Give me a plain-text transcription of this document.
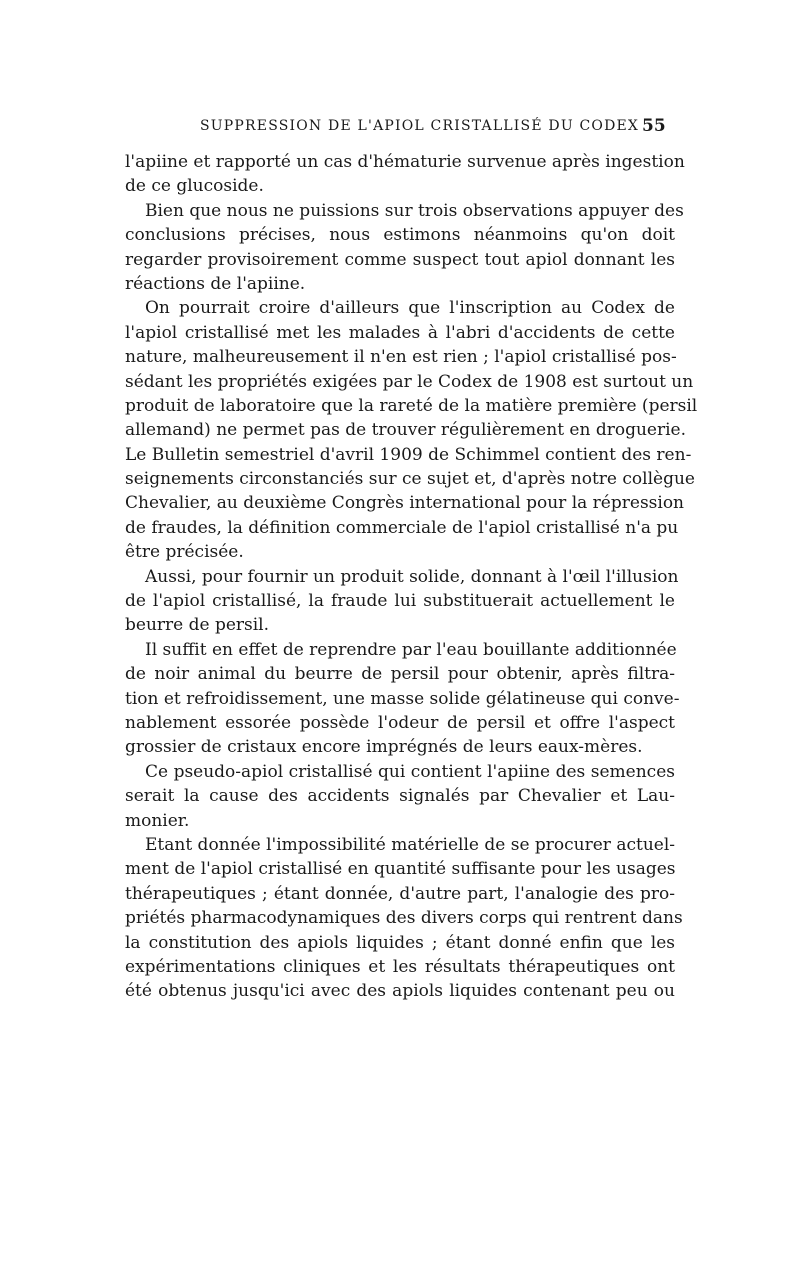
SUPPRESSION DE L'APIOL CRISTALLISÉ DU CODEX 55
l'apiine et rapporté un cas d'hématurie survenue après ingestion
de ce glucoside.
Bien que nous ne puissions sur trois observations appuyer des
conclusions précises, nous estimons néanmoins qu'on doit
regarder provisoirement comme suspect tout apiol donnant les
réactions de l'apiine.
On pourrait croire d'ailleurs que l'inscription au Codex de
l'apiol cristallisé met les malades à l'abri d'accidents de cette
nature, malheureusement il n'en est rien ; l'apiol cristallisé pos-
sédant les propriétés exigées par le Codex de 1908 est surtout un
produit de laboratoire que la rareté de la matière première (persil
allemand) ne permet pas de trouver régulièrement en droguerie.
Le Bulletin semestriel d'avril 1909 de Schimmel contient des ren-
seignements circonstanciés sur ce sujet et, d'après notre collègue
Chevalier, au deuxième Congrès international pour la répression
de fraudes, la définition commerciale de l'apiol cristallisé n'a pu
être précisée.
Aussi, pour fournir un produit solide, donnant à l'œil l'illusion
de l'apiol cristallisé, la fraude lui substituerait actuellement le
beurre de persil.
Il suffit en effet de reprendre par l'eau bouillante additionnée
de noir animal du beurre de persil pour obtenir, après filtra-
tion et refroidissement, une masse solide gélatineuse qui conve-
nablement essorée possède l'odeur de persil et offre l'aspect
grossier de cristaux encore imprégnés de leurs eaux-mères.
Ce pseudo-apiol cristallisé qui contient l'apiine des semences
serait la cause des accidents signalés par Chevalier et Lau-
monier.
Etant donnée l'impossibilité matérielle de se procurer actuel-
ment de l'apiol cristallisé en quantité suffisante pour les usages
thérapeutiques ; étant donnée, d'autre part, l'analogie des pro-
priétés pharmacodynamiques des divers corps qui rentrent dans
la constitution des apiols liquides ; étant donné enfin que les
expérimentations cliniques et les résultats thérapeutiques ont
été obtenus jusqu'ici avec des apiols liquides contenant peu ou
